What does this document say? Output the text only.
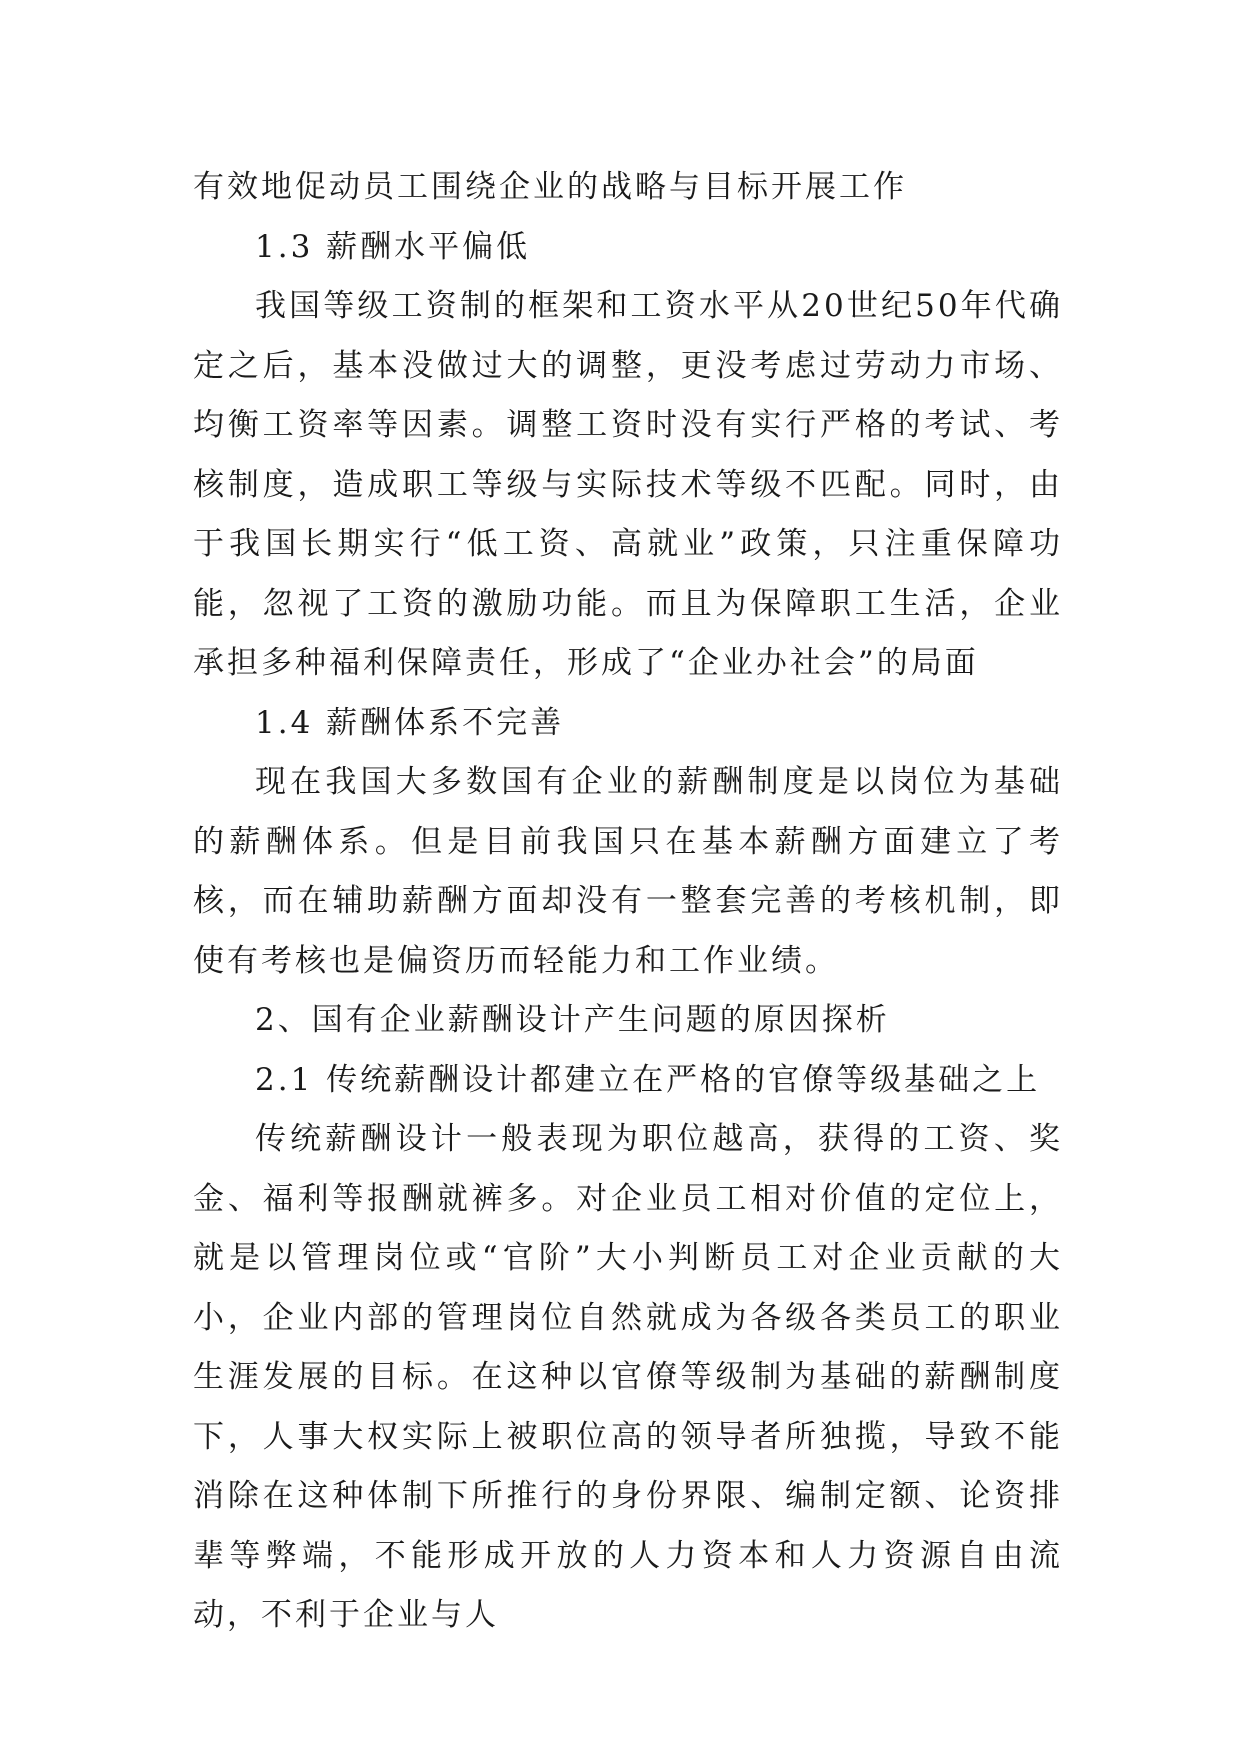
有效地促动员工围绕企业的战略与目标开展工作

1.3 薪酬水平偏低

我国等级工资制的框架和工资水平从20世纪50年代确定之后，基本没做过大的调整，更没考虑过劳动力市场、均衡工资率等因素。调整工资时没有实行严格的考试、考核制度，造成职工等级与实际技术等级不匹配。同时，由于我国长期实行“低工资、高就业”政策，只注重保障功能，忽视了工资的激励功能。而且为保障职工生活，企业承担多种福利保障责任，形成了“企业办社会”的局面

1.4 薪酬体系不完善

现在我国大多数国有企业的薪酬制度是以岗位为基础的薪酬体系。但是目前我国只在基本薪酬方面建立了考核，而在辅助薪酬方面却没有一整套完善的考核机制，即使有考核也是偏资历而轻能力和工作业绩。

2、国有企业薪酬设计产生问题的原因探析

2.1 传统薪酬设计都建立在严格的官僚等级基础之上

传统薪酬设计一般表现为职位越高，获得的工资、奖金、福利等报酬就裤多。对企业员工相对价值的定位上，就是以管理岗位或“官阶”大小判断员工对企业贡献的大小，企业内部的管理岗位自然就成为各级各类员工的职业生涯发展的目标。在这种以官僚等级制为基础的薪酬制度下，人事大权实际上被职位高的领导者所独揽，导致不能消除在这种体制下所推行的身份界限、编制定额、论资排辈等弊端，不能形成开放的人力资本和人力资源自由流动，不利于企业与人
